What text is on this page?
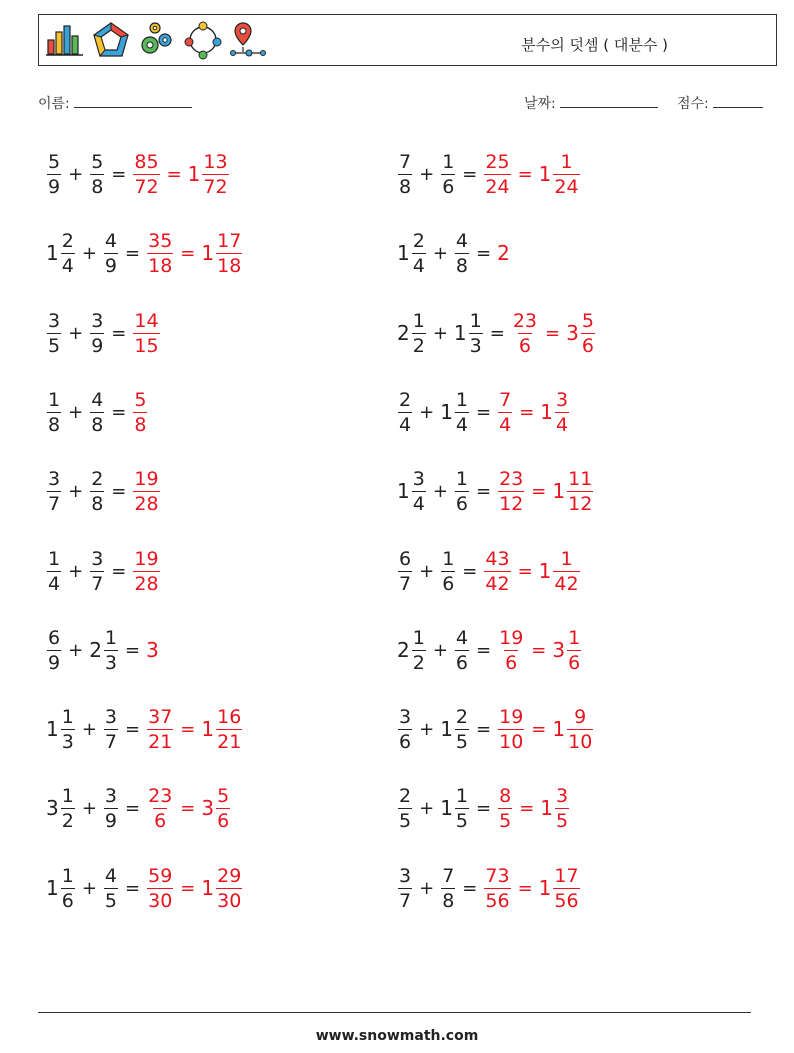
분수의 덧셈 ( 대분수 )
이름:	날짜:	점수:
$\frac{5}{9} + \frac{5}{8} = \frac{85}{72} = 1 \frac{13}{72}$	$\frac{7}{8} + \frac{1}{6} = \frac{25}{24} = 1 \frac{1}{24}$
$1 \frac{2}{4} + \frac{4}{9} = \frac{35}{18} = 1 \frac{17}{18}$	$1 \frac{2}{4} + \frac{4}{8} = 2$
$\frac{3}{5} + \frac{3}{9} = \frac{14}{15}$	$2 \frac{1}{2} + 1 \frac{1}{3} = \frac{23}{6} = 3 \frac{5}{6}$
$\frac{1}{8} + \frac{4}{8} = \frac{5}{8}$	$\frac{2}{4} + 1 \frac{1}{4} = \frac{7}{4} = 1 \frac{3}{4}$
$\frac{3}{7} + \frac{2}{8} = \frac{19}{28}$	$1 \frac{3}{4} + \frac{1}{6} = \frac{23}{12} = 1 \frac{11}{12}$
$\frac{1}{4} + \frac{3}{7} = \frac{19}{28}$	$\frac{6}{7} + \frac{1}{6} = \frac{43}{42} = 1 \frac{1}{42}$
$\frac{6}{9} + 2 \frac{1}{3} = 3$	$2 \frac{1}{2} + \frac{4}{6} = \frac{19}{6} = 3 \frac{1}{6}$
$1 \frac{1}{3} + \frac{3}{7} = \frac{37}{21} = 1 \frac{16}{21}$	$\frac{3}{6} + 1 \frac{2}{5} = \frac{19}{10} = 1 \frac{9}{10}$
$3 \frac{1}{2} + \frac{3}{9} = \frac{23}{6} = 3 \frac{5}{6}$	$\frac{2}{5} + 1 \frac{1}{5} = \frac{8}{5} = 1 \frac{3}{5}$
$1 \frac{1}{6} + \frac{4}{5} = \frac{59}{30} = 1 \frac{29}{30}$	$\frac{3}{7} + \frac{7}{8} = \frac{73}{56} = 1 \frac{17}{56}$
www.snowmath.com
